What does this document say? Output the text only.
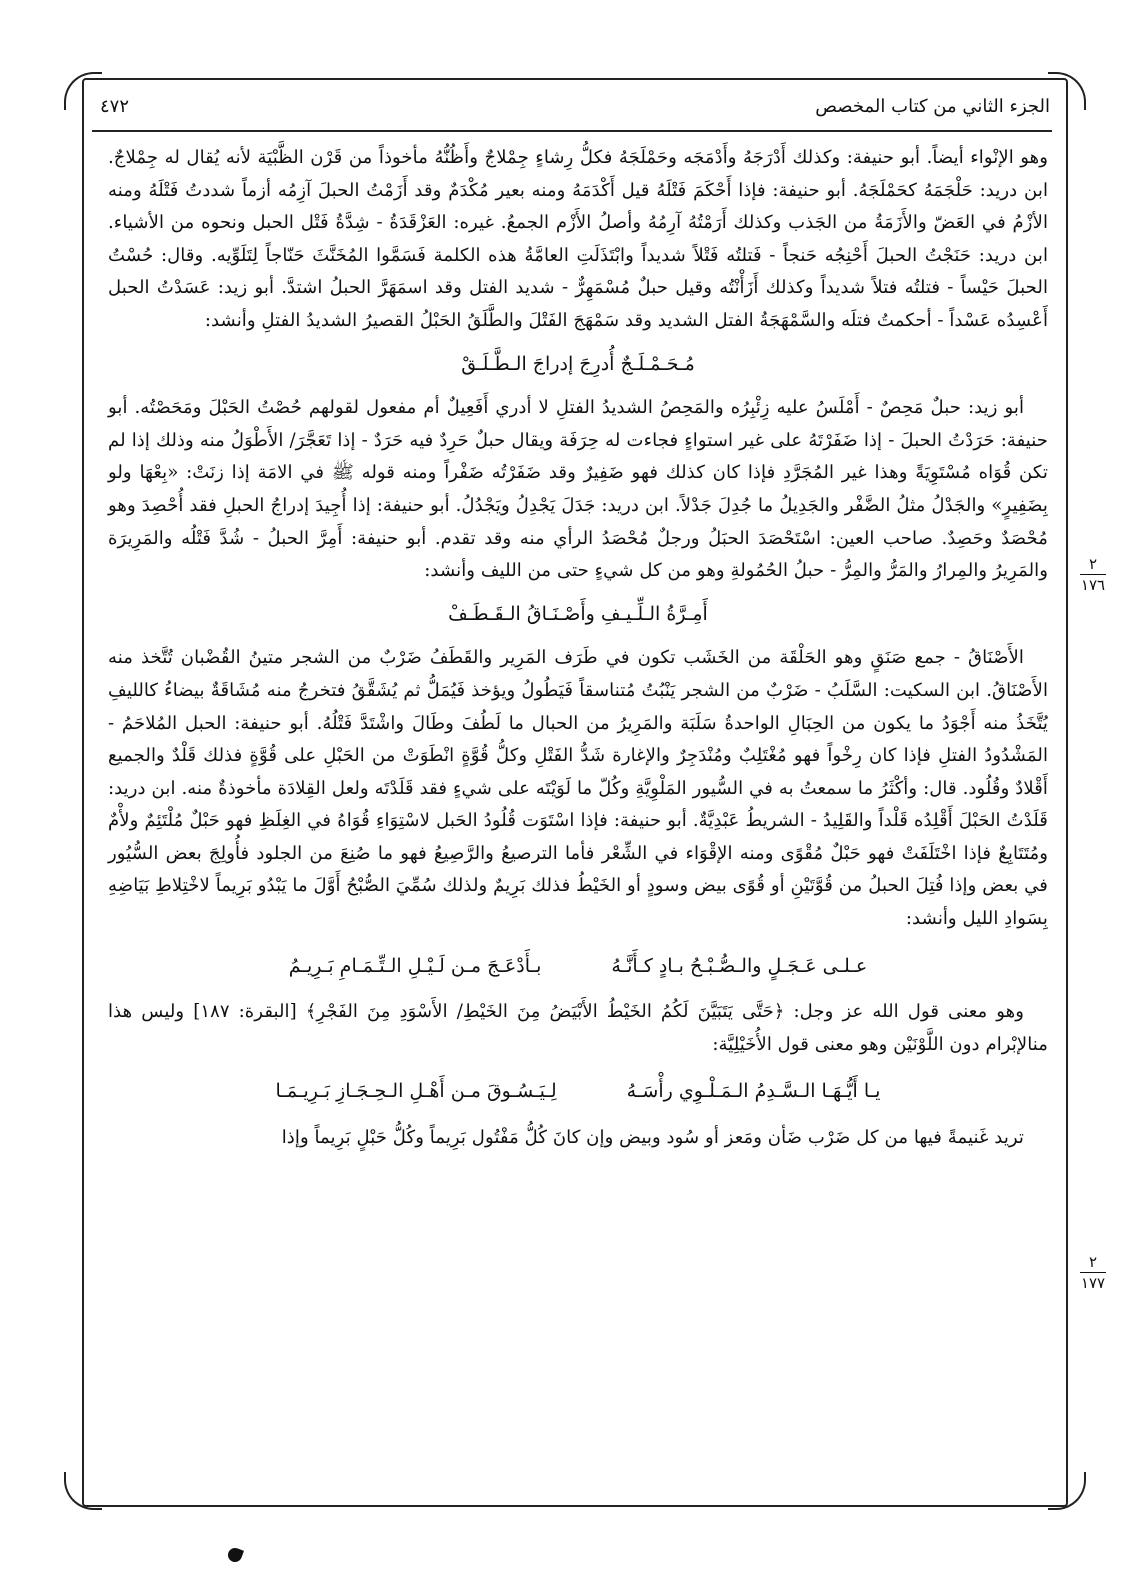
الجزء الثاني من كتاب المخصص
٤٧٢
٢
١٧٦
٢
١٧٧

وهو الإنْواء أيضاً. أبو حنيفة: وكذلك أَدْرَجَهُ وأَدْمَجَه وحَمْلَجَهُ فكلُّ رِشاءٍ جِمْلاجٌ وأَظُنُّهُ مأخوذاً من قَرْن الظَّبْيَة لأنه يُقال له جِمْلاجٌ. ابن دريد: حَلْجَمَهُ كحَمْلَجَهُ. أبو حنيفة: فإذا أَحْكَمَ فَتْلَهُ قيل أَكْدَمَهُ ومنه بعير مُكْدَمٌ وقد أَزَمْتُ الحبلَ آزِمُه أزماً شددتُ فَتْلَهُ ومنه الأزْمُ في العَضّ والأَزَمَةُ من الجَذب وكذلك أَرَمْتُهُ آرِمُهُ وأصلُ الأَزْم الجمعُ. غيره: العَزْقَدَةُ - شِدَّةُ فَتْل الحبل ونحوه من الأشياء. ابن دريد: حَنَجْتُ الحبلَ أَحْنِجُه حَنجاً - فَتلتُه فَتْلاً شديداً وابْتَذَلَتِ العامَّةُ هذه الكلمة فَسَمَّوا المُخَنَّثَ حَنّاجاً لِتَلَوِّيه. وقال: حُسْتُ الحبلَ حَيْساً - فتلتُه فتلاً شديداً وكذلك أَزَأْنْتُه وقيل حبلٌ مُسْمَهِرٌّ - شديد الفتل وقد اسمَهَرَّ الحبلُ اشتدَّ. أبو زيد: عَسَدْتُ الحبل أَعْسِدُه عَسْداً - أحكمتُ فتلَه والسَّمْهَجَةُ الفتل الشديد وقد سَمْهَجَ الفَتْلَ والطَّلَقُ الحَبْلُ القصيرُ الشديدُ الفتلِ وأنشد:

مُـحَـمْـلَـجٌ أُدرِجَ إدراجَ الـطَّـلَـقْ

أبو زيد: حبلٌ مَحِصٌ - أَمْلَسُ عليه زِئْبِرُه والمَحِصُ الشديدُ الفتلِ لا أدري أَفَعِيلٌ أم مفعول لقولهم حُصْتُ الحَبْلَ ومَحَصْتُه. أبو حنيفة: حَرَدْتُ الحبلَ - إذا ضَفَرْتَهُ على غير استواءٍ فجاءت له حِرَفَة ويقال حبلٌ حَرِدٌ فيه حَرَدٌ - إذا تَعَجَّرَ/ الأَطْوَلُ منه وذلك إذا لم تكن قُوَاه مُسْتَوِيَةً وهذا غير المُجَرَّدِ فإذا كان كذلك فهو ضَفِيرٌ وقد ضَفَرْتُه ضَفْراً ومنه قوله ﷺ في الامَة إذا زنَتْ: «بِعْهَا ولو بِضَفِيرٍ» والجَدْلُ مثلُ الضَّفْر والجَدِيلُ ما جُدِلَ جَدْلاً. ابن دريد: جَدَلَ يَجْدِلُ ويَجْدُلُ. أبو حنيفة: إذا أُجِيدَ إدراجُ الحبلِ فقد أُحْصِدَ وهو مُحْصَدٌ وحَصِدٌ. صاحب العين: اسْتَحْصَدَ الحبَلُ ورجلٌ مُحْصَدُ الرأي منه وقد تقدم. أبو حنيفة: أَمِرَّ الحبلُ - شُدَّ فَتْلُه والمَرِيرَة والمَرِيرُ والمِرارُ والمَرُّ والمِرُّ - حبلُ الحُمُولةِ وهو من كل شيءٍ حتى من الليف وأنشد:

أَمِـرَّةُ الـلِّـيـفِ وأَصْـنَـاقُ الـقَـطَـفْ

الأَصْنَاقُ - جمع صَنَقٍ وهو الحَلْقَة من الخَشَب تكون في طَرَف المَرِير والقَطَفُ ضَرْبٌ من الشجر متينُ القُضْبان تُتَّخذ منه الأَصْنَاقُ. ابن السكيت: السَّلَبُ - ضَرْبٌ من الشجر يَنْبُتُ مُتناسقاً فَيَطُولُ ويؤخذ فَيُمَلُّ ثم يُشَقَّقُ فتخرجُ منه مُشَاقَةٌ بيضاءُ كالليفِ يُتَّخَذُ منه أَجْوَدُ ما يكون من الحِبَالِ الواحدةُ سَلَبَة والمَرِيرُ من الحبال ما لَطُفَ وطَالَ واشْتَدَّ فَتْلُهُ. أبو حنيفة: الحبل المُلاحَمُ - المَشْدُودُ الفتلِ فإذا كان رِخْواً فهو مُغْتَلِبٌ ومُنْدَجِرٌ والإغارة شَدُّ الفَتْلِ وكلُّ قُوَّةٍ انْطَوَتْ من الحَبْلِ على قُوَّةٍ فذلك قَلْدٌ والجميع أَقْلادٌ وقُلُود. قال: وأكْثَرُ ما سمعتُ به في السُّيور المَلْوِيَّةِ وكُلّ ما لَوَيْتَه على شيءٍ فقد قَلَدْتَه ولعل القِلادَة مأخوذةٌ منه. ابن دريد: قَلَدْتُ الحَبْلَ أَقْلِدُه قَلْداً والقَلِيدُ - الشريطُ عَبْدِيَّةٌ. أبو حنيفة: فإذا اسْتَوَت قُلُودُ الحَبل لاسْتِوَاءِ قُوَاهُ في الغِلَظِ فهو حَبْلٌ مُلْتَئِمٌ ولأْمٌ ومُتَتَابِعٌ فإذا اخْتَلَفَتْ فهو حَبْلٌ مُقْوًى ومنه الإقْوَاء في الشِّعْر فأما الترصيعُ والرَّصِيعُ فهو ما صُنِعَ من الجلود فأُولِجَ بعض السُّيُور في بعض وإذا فُتِلَ الحبلُ من قُوَّتَيْنِ أو قُوًى بيض وسودٍ أو الخَيْطُ فذلك بَرِيمٌ ولذلك سُمِّيَ الصُّبْحُ أَوَّلَ ما يَبْدُو بَرِيماً لاخْتِلاطِ بَيَاضِهِ بِسَوادِ الليل وأنشد:

عـلـى عَـجَـلٍ والـصُّـبْـحُ بـادٍ كـأَنَّـهُ
بـأَدْعَـجَ مـن لَـيْـلِ الـتِّـمَـامِ بَـرِيـمُ

وهو معنى قول الله عز وجل: ﴿حَتَّى يَتَبَيَّنَ لَكُمُ الخَيْطُ الأَبْيَضُ مِنَ الخَيْطِ/ الأَسْوَدِ مِنَ الفَجْرِ﴾ [البقرة: ١٨٧] وليس هذا منالإبْرام دون اللَّوْنَيْن وهو معنى قول الأُخَيْلِيَّة:

يـا أَيُّـهَـا الـسَّـدِمُ الـمَـلْـوِي رأْسَـهُ
لِـيَـسُـوقَ مـن أَهْـلِ الـحِـجَـازِ بَـرِيـمَـا

تريد غَنيمةً فيها من كل ضَرْب ضَأن ومَعز أو سُود وبيض وإن كانَ كُلُّ مَفْتُول بَرِيماً وكُلُّ حَبْلٍ بَرِيماً وإذا
